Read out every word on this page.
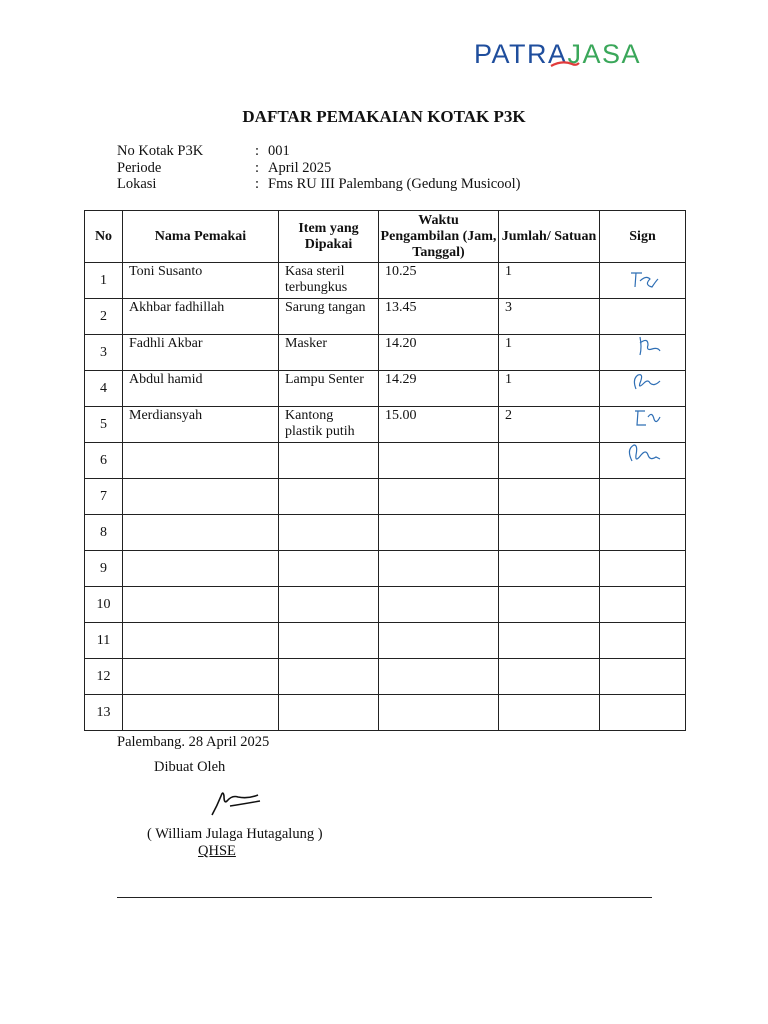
PATRA
JASA
DAFTAR PEMAKAIAN KOTAK P3K
No Kotak P3K	: 001
Periode	: April 2025
Lokasi	: Fms RU III Palembang (Gedung Musicool)
No	Nama Pemakai	Item yang Dipakai	Waktu Pengambilan (Jam, Tanggal)	Jumlah/ Satuan	Sign
1	Toni Susanto	Kasa steril terbungkus	10.25	1	

2	Akhbar fadhillah	Sarung tangan	13.45	3	
3	Fadhli Akbar	Masker	14.20	1	

4	Abdul hamid	Lampu Senter	14.29	1	

5	Merdiansyah	Kantong plastik putih	15.00	2	

6					

7					
8					
9					
10					
11					
12					
13					
Palembang. 28 April 2025
Dibuat Oleh
( William Julaga Hutagalung )
QHSE
